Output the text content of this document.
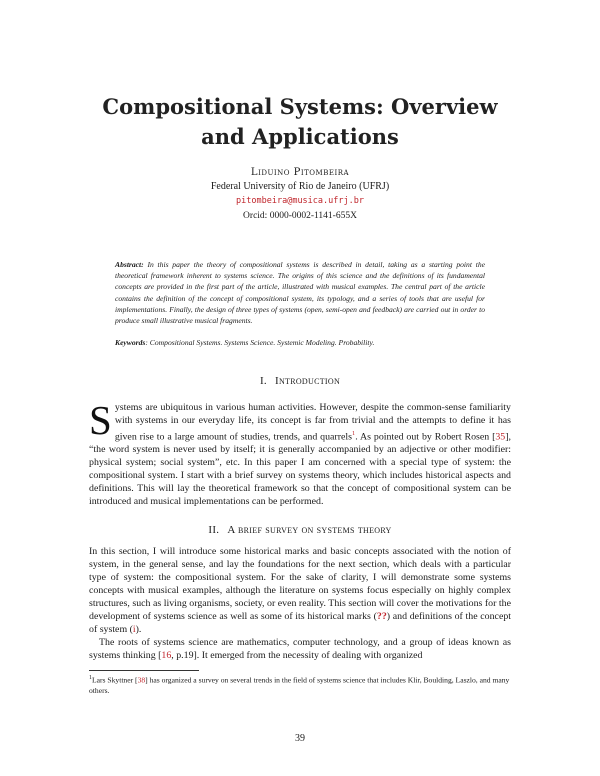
Compositional Systems: Overview
and Applications
Liduino Pitombeira
Federal University of Rio de Janeiro (UFRJ)
pitombeira@musica.ufrj.br
Orcid: 0000-0002-1141-655X
Abstract: In this paper the theory of compositional systems is described in detail, taking as a starting point the theoretical framework inherent to systems science. The origins of this science and the definitions of its fundamental concepts are provided in the first part of the article, illustrated with musical examples. The central part of the article contains the definition of the concept of compositional system, its typology, and a series of tools that are useful for implementations. Finally, the design of three types of systems (open, semi-open and feedback) are carried out in order to produce small illustrative musical fragments.
Keywords: Compositional Systems. Systems Science. Systemic Modeling. Probability.
I. Introduction
Systems are ubiquitous in various human activities. However, despite the common-sense familiarity with systems in our everyday life, its concept is far from trivial and the attempts to define it has given rise to a large amount of studies, trends, and quarrels$^1$. As pointed out by Robert Rosen [35], “the word system is never used by itself; it is generally accompanied by an adjective or other modifier: physical system; social system”, etc. In this paper I am concerned with a special type of system: the compositional system. I start with a brief survey on systems theory, which includes historical aspects and definitions. This will lay the theoretical framework so that the concept of compositional system can be introduced and musical implementations can be performed.
II. A brief survey on systems theory
In this section, I will introduce some historical marks and basic concepts associated with the notion of system, in the general sense, and lay the foundations for the next section, which deals with a particular type of system: the compositional system. For the sake of clarity, I will demonstrate some systems concepts with musical examples, although the literature on systems focus especially on highly complex structures, such as living organisms, society, or even reality. This section will cover the motivations for the development of systems science as well as some of its historical marks (??) and definitions of the concept of system (i).
The roots of systems science are mathematics, computer technology, and a group of ideas known as systems thinking [16, p.19]. It emerged from the necessity of dealing with organized
$^1$Lars Skyttner [38] has organized a survey on several trends in the field of systems science that includes Klir, Boulding, Laszlo, and many others.
39
